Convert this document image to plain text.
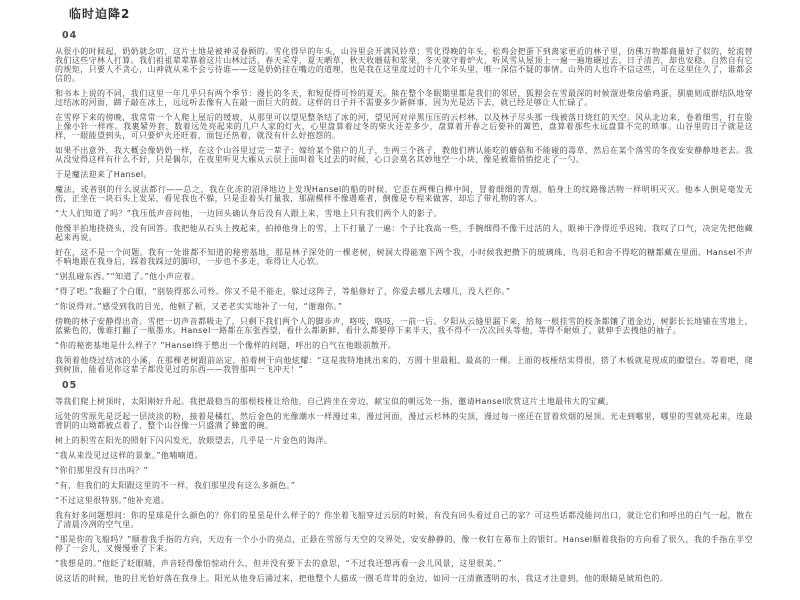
临时迫降2
04
从很小的时候起，奶奶就念叨，这片土地是被神灵眷顾的。雪化得早的年头，山谷里会开满风铃草；雪化得晚的年头，松鸡会把蛋下到离家更近的林子里，仿佛万物都商量好了似的，轮流替我们这些守林人打算。我们祖祖辈辈靠着这片山林过活，春天采芽，夏天晒草，秋天收蘑菇和浆果，冬天就守着炉火，听风雪从屋顶上一遍一遍地碾过去。日子清苦，却也安稳。自然自有它的规矩，只要人不贪心，山神就从来不会亏待谁——这是奶奶挂在嘴边的道理，也是我在这里度过的十几个年头里，唯一深信不疑的事情。山外的人也许不信这些，可在这里住久了，谁都会信的。
和书本上说的不同，我们这里一年几乎只有两个季节：漫长的冬天，和短促得可怜的夏天。熊在整个冬眠期里都是我们的邻居，狐狸会在雪最深的时候溜进柴房偷鸡蛋，驯鹿则成群结队地穿过结冰的河面，蹄子敲在冰上，远远听去像有人在敲一面巨大的鼓。这样的日子并不需要多少新鲜事，因为光是活下去，就已经足够让人忙碌了。
在雪停下来的傍晚，我常常一个人爬上屋后的缓坡，从那里可以望见整条结了冰的河，望见河对岸黑压压的云杉林，以及林子尽头那一线被落日烧红的天空。风从北边来，卷着细雪，打在脸上像小针一样疼。我裹紧外套，数着远处亮起来的几户人家的灯火，心里盘算着过冬的柴火还差多少，盘算着开春之后要补的篱笆，盘算着那些永远盘算不完的琐事。山谷里的日子就是这样，一眼能望到头，可只要炉火还旺着，面包还热着，就没有什么好抱怨的。
如果不出意外，我大概会像奶奶一样，在这个山谷里过完一辈子：嫁给某个猎户的儿子，生两三个孩子，教他们辨认能吃的蘑菇和不能碰的毒草，然后在某个落雪的冬夜安安静静地老去。我从没觉得这样有什么不好，只是偶尔，在夜里听见大雁从云层上面叫着飞过去的时候，心口会莫名其妙地空一小块，像是被谁悄悄挖走了一勺。
于是魔法迎来了Hansel。
魔法，或者别的什么说法都行——总之，我在化冻的沼泽地边上发现Hansel的船的时候，它歪在两棵白桦中间，冒着细细的青烟，船身上的纹路像活物一样明明灭灭。他本人倒是毫发无伤，正坐在一块石头上发呆，看见我也不躲，只是歪着头打量我，那副模样不像遇难者，倒像是专程来做客、却忘了带礼物的客人。
“大人们知道了吗？”我压低声音问他，一边回头确认身后没有人跟上来，雪地上只有我们两个人的影子。
他慢半拍地挠挠头，没有回答。我把他从石头上拽起来，拍掉他身上的雪，上下打量了一遍：个子比我高一些，手腕细得不像干过活的人，眼神干净得近乎迟钝。我叹了口气，决定先把他藏起来再说。
好在，这不是一个问题。我有一处谁都不知道的秘密基地，那是林子深处的一棵老树，树洞大得能塞下两个我，小时候我把攒下的玻璃珠、鸟羽毛和舍不得吃的糖都藏在里面。Hansel不声不响地跟在我身后，踩着我踩过的脚印，一步也不多走，乖得让人心软。
“别乱碰东西。”“知道了。”他小声应着。
“得了吧。”我翻了个白眼，“别装得那么可怜。你又不是不能走，躲过这阵子，等船修好了，你爱去哪儿去哪儿，没人拦你。”
“你说得对。”感受到我的目光，他顿了顿，又老老实实地补了一句，“谢谢你。”
傍晚的林子安静得出奇。雪把一切声音都吸走了，只剩下我们两个人的脚步声，咯吱，咯吱，一前一后。夕阳从云缝里漏下来，给每一根挂雪的枝条都镶了道金边，树影长长地铺在雪地上，蓝紫色的，像谁打翻了一瓶墨水。Hansel一路都在东张西望，看什么都新鲜，看什么都要停下来半天，我不得不一次次回头等他，等得不耐烦了，就伸手去拽他的袖子。
“你的秘密基地是什么样子？”Hansel终于憋出一个像样的问题，呼出的白气在他眼前散开。
我领着他绕过结冰的小溪，在那棵老树跟前站定，拍着树干向他炫耀：“这是我特地挑出来的，方圆十里最粗、最高的一棵。上面的枝桠结实得很，搭了木板就是现成的瞭望台。等着吧，爬到树顶，能看见你这辈子都没见过的东西——我管那叫一飞冲天！”
05
等我们爬上树顶时，太阳刚好升起。我把最稳当的那根枝桠让给他，自己跨坐在旁边，献宝似的朝远处一指，邀请Hansel欣赏这片土地最伟大的宝藏。
远处的雪原先是泛起一层淡淡的粉，接着是橘红，然后金色的光像潮水一样漫过来，漫过河面，漫过云杉林的尖顶，漫过每一座还在冒着炊烟的屋顶。光走到哪里，哪里的雪就亮起来，连最背阴的山坳都被点着了，整个山谷像一只盛满了蜂蜜的碗。
树上的积雪在阳光的照射下闪闪发光，放眼望去，几乎是一片金色的海洋。
“我从来没见过这样的景象。”他喃喃道。
“你们那里没有日出吗？”
“有，但我们的太阳跟这里的不一样，我们那里没有这么多颜色。”
“不过这里很特别。”他补充道。
我有好多问题想问：你的星球是什么颜色的？你们的星星是什么样子的？你坐着飞船穿过云层的时候，有没有回头看过自己的家？可这些话都没能问出口，就让它们和呼出的白气一起，散在了清晨冷冽的空气里。
“那是你的飞船吗？”顺着我手指的方向，天边有一个小小的亮点，正悬在雪原与天空的交界处，安安静静的，像一枚钉在幕布上的银钉。Hansel顺着我指的方向看了很久，我的手指在半空停了一会儿，又慢慢垂了下来。
“我想是的。”他眨了眨眼睛，声音轻得像怕惊动什么，但并没有要下去的意思，“不过我还想再看一会儿风景，这里很美。”
说这话的时候，他的目光恰好落在我身上。阳光从他身后涌过来，把他整个人描成一圈毛茸茸的金边，如同一汪清澈透明的水，我这才注意到，他的眼睛是琥珀色的。
